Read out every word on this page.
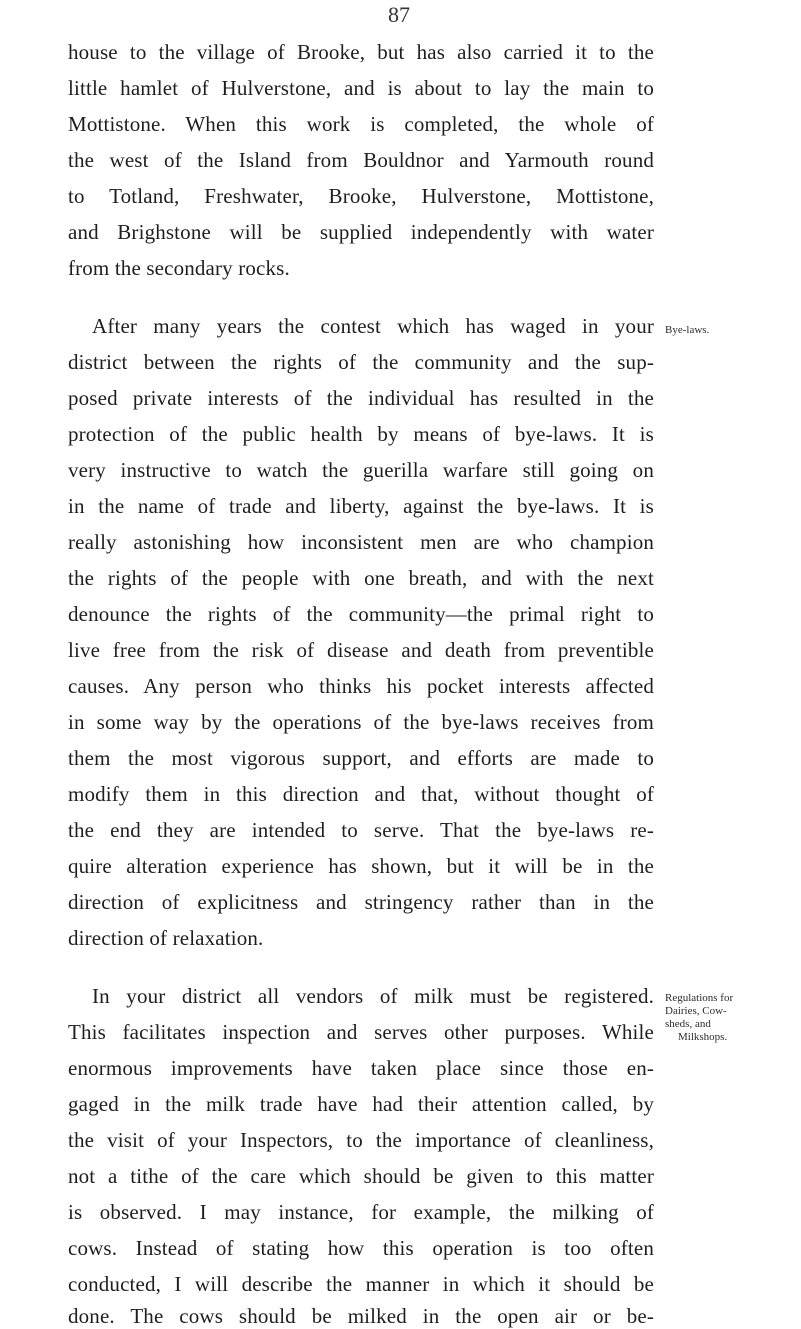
87
house to the village of Brooke, but has also carried it to the
little hamlet of Hulverstone, and is about to lay the main to
Mottistone. When this work is completed, the whole of
the west of the Island from Bouldnor and Yarmouth round
to Totland, Freshwater, Brooke, Hulverstone, Mottistone,
and Brighstone will be supplied independently with water
from the secondary rocks.
After many years the contest which has waged in your
district between the rights of the community and the sup-
posed private interests of the individual has resulted in the
protection of the public health by means of bye-laws. It is
very instructive to watch the guerilla warfare still going on
in the name of trade and liberty, against the bye-laws. It is
really astonishing how inconsistent men are who champion
the rights of the people with one breath, and with the next
denounce the rights of the community—the primal right to
live free from the risk of disease and death from preventible
causes. Any person who thinks his pocket interests affected
in some way by the operations of the bye-laws receives from
them the most vigorous support, and efforts are made to
modify them in this direction and that, without thought of
the end they are intended to serve. That the bye-laws re-
quire alteration experience has shown, but it will be in the
direction of explicitness and stringency rather than in the
direction of relaxation.
In your district all vendors of milk must be registered.
This facilitates inspection and serves other purposes. While
enormous improvements have taken place since those en-
gaged in the milk trade have had their attention called, by
the visit of your Inspectors, to the importance of cleanliness,
not a tithe of the care which should be given to this matter
is observed. I may instance, for example, the milking of
cows. Instead of stating how this operation is too often
conducted, I will describe the manner in which it should be
done. The cows should be milked in the open air or be-
Bye-laws.
Regulations for
Dairies, Cow-
sheds, and
Milkshops.
